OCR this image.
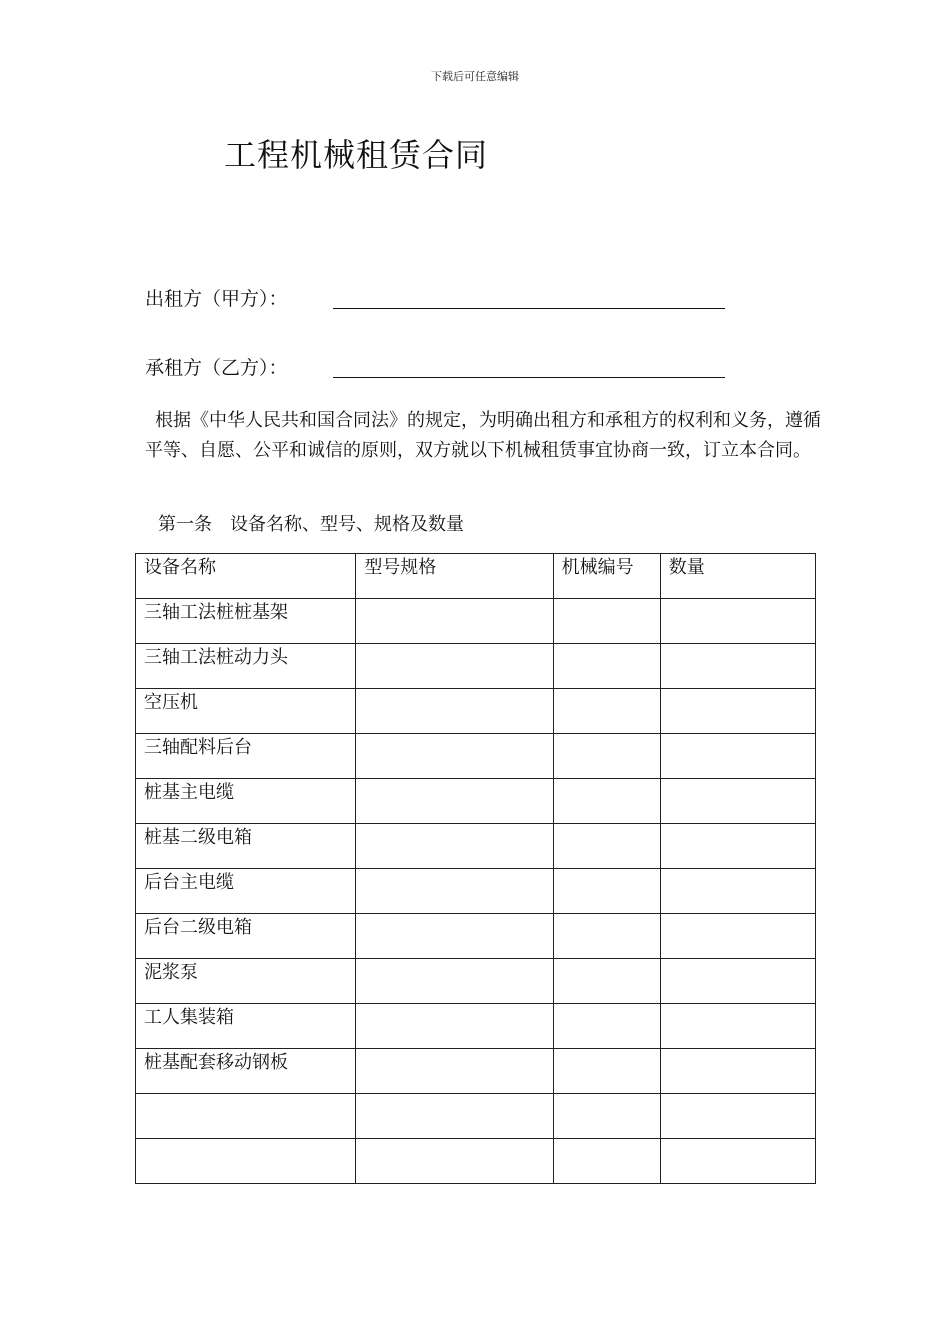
下载后可任意编辑
工程机械租赁合同
出租方（甲方）：
承租方（乙方）：

根据《中华人民共和国合同法》的规定，为明确出租方和承租方的权利和义务，遵循平等、自愿、公平和诚信的原则，双方就以下机械租赁事宜协商一致，订立本合同。

第一条　设备名称、型号、规格及数量

设备名称	型号规格	机械编号	数量
三轴工法桩桩基架			
三轴工法桩动力头			
空压机			
三轴配料后台			
桩基主电缆			
桩基二级电箱			
后台主电缆			
后台二级电箱			
泥浆泵			
工人集装箱			
桩基配套移动钢板			
